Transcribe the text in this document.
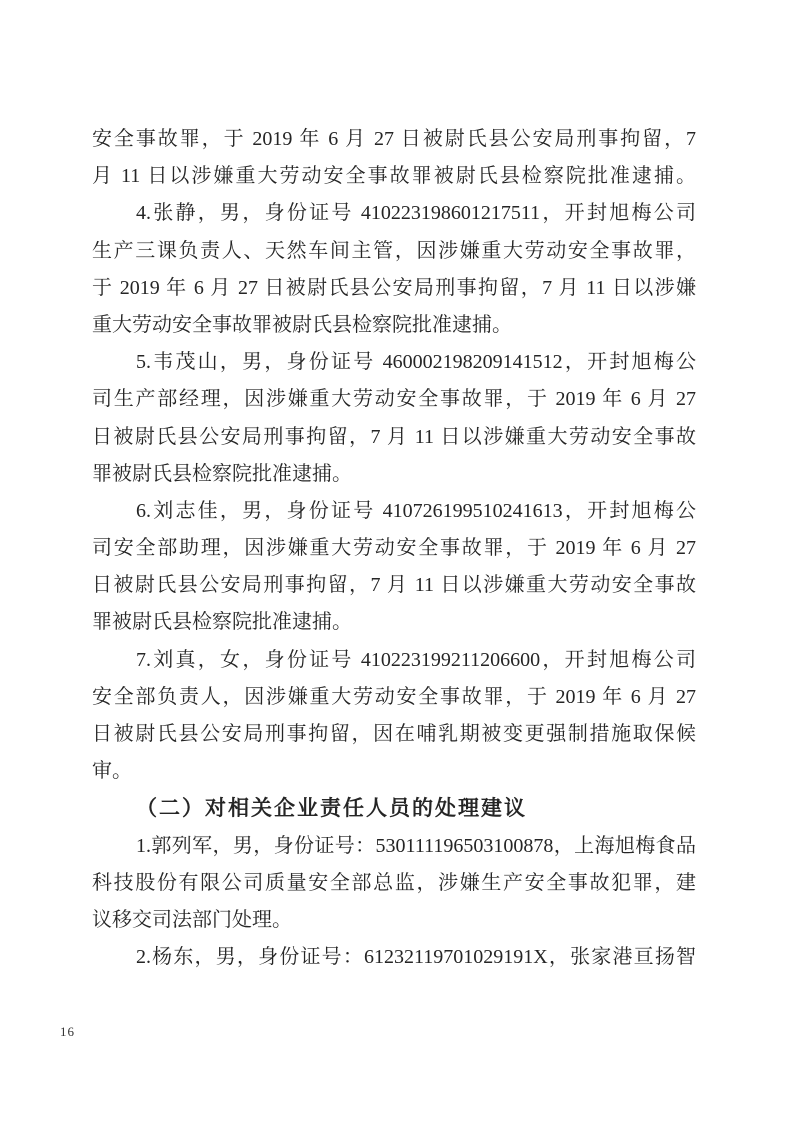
安全事故罪，于 2019 年 6 月 27 日被尉氏县公安局刑事拘留，7
月 11 日以涉嫌重大劳动安全事故罪被尉氏县检察院批准逮捕。
4.张静，男，身份证号 410223198601217511，开封旭梅公司
生产三课负责人、天然车间主管，因涉嫌重大劳动安全事故罪，
于 2019 年 6 月 27 日被尉氏县公安局刑事拘留，7 月 11 日以涉嫌
重大劳动安全事故罪被尉氏县检察院批准逮捕。
5.韦茂山，男，身份证号 460002198209141512，开封旭梅公
司生产部经理，因涉嫌重大劳动安全事故罪，于 2019 年 6 月 27
日被尉氏县公安局刑事拘留，7 月 11 日以涉嫌重大劳动安全事故
罪被尉氏县检察院批准逮捕。
6.刘志佳，男，身份证号 410726199510241613，开封旭梅公
司安全部助理，因涉嫌重大劳动安全事故罪，于 2019 年 6 月 27
日被尉氏县公安局刑事拘留，7 月 11 日以涉嫌重大劳动安全事故
罪被尉氏县检察院批准逮捕。
7.刘真，女，身份证号 410223199211206600，开封旭梅公司
安全部负责人，因涉嫌重大劳动安全事故罪，于 2019 年 6 月 27
日被尉氏县公安局刑事拘留，因在哺乳期被变更强制措施取保候
审。
（二）对相关企业责任人员的处理建议
1.郭列军，男，身份证号：530111196503100878，上海旭梅食品
科技股份有限公司质量安全部总监，涉嫌生产安全事故犯罪，建
议移交司法部门处理。
2.杨东，男，身份证号：61232119701029191X，张家港亘扬智
16
